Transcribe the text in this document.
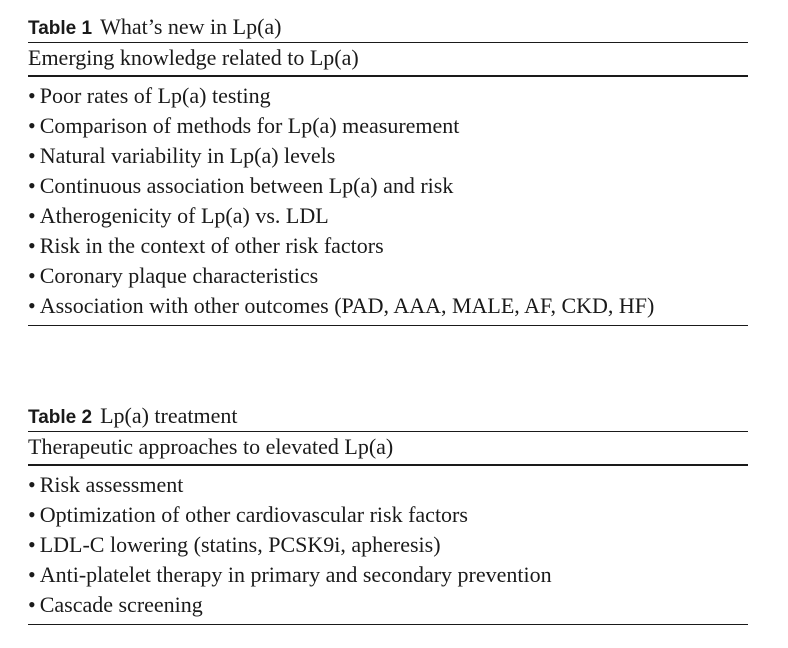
Table 1 What’s new in Lp(a)
Emerging knowledge related to Lp(a)
• Poor rates of Lp(a) testing
• Comparison of methods for Lp(a) measurement
• Natural variability in Lp(a) levels
• Continuous association between Lp(a) and risk
• Atherogenicity of Lp(a) vs. LDL
• Risk in the context of other risk factors
• Coronary plaque characteristics
• Association with other outcomes (PAD, AAA, MALE, AF, CKD, HF)
Table 2 Lp(a) treatment
Therapeutic approaches to elevated Lp(a)
• Risk assessment
• Optimization of other cardiovascular risk factors
• LDL-C lowering (statins, PCSK9i, apheresis)
• Anti-platelet therapy in primary and secondary prevention
• Cascade screening
